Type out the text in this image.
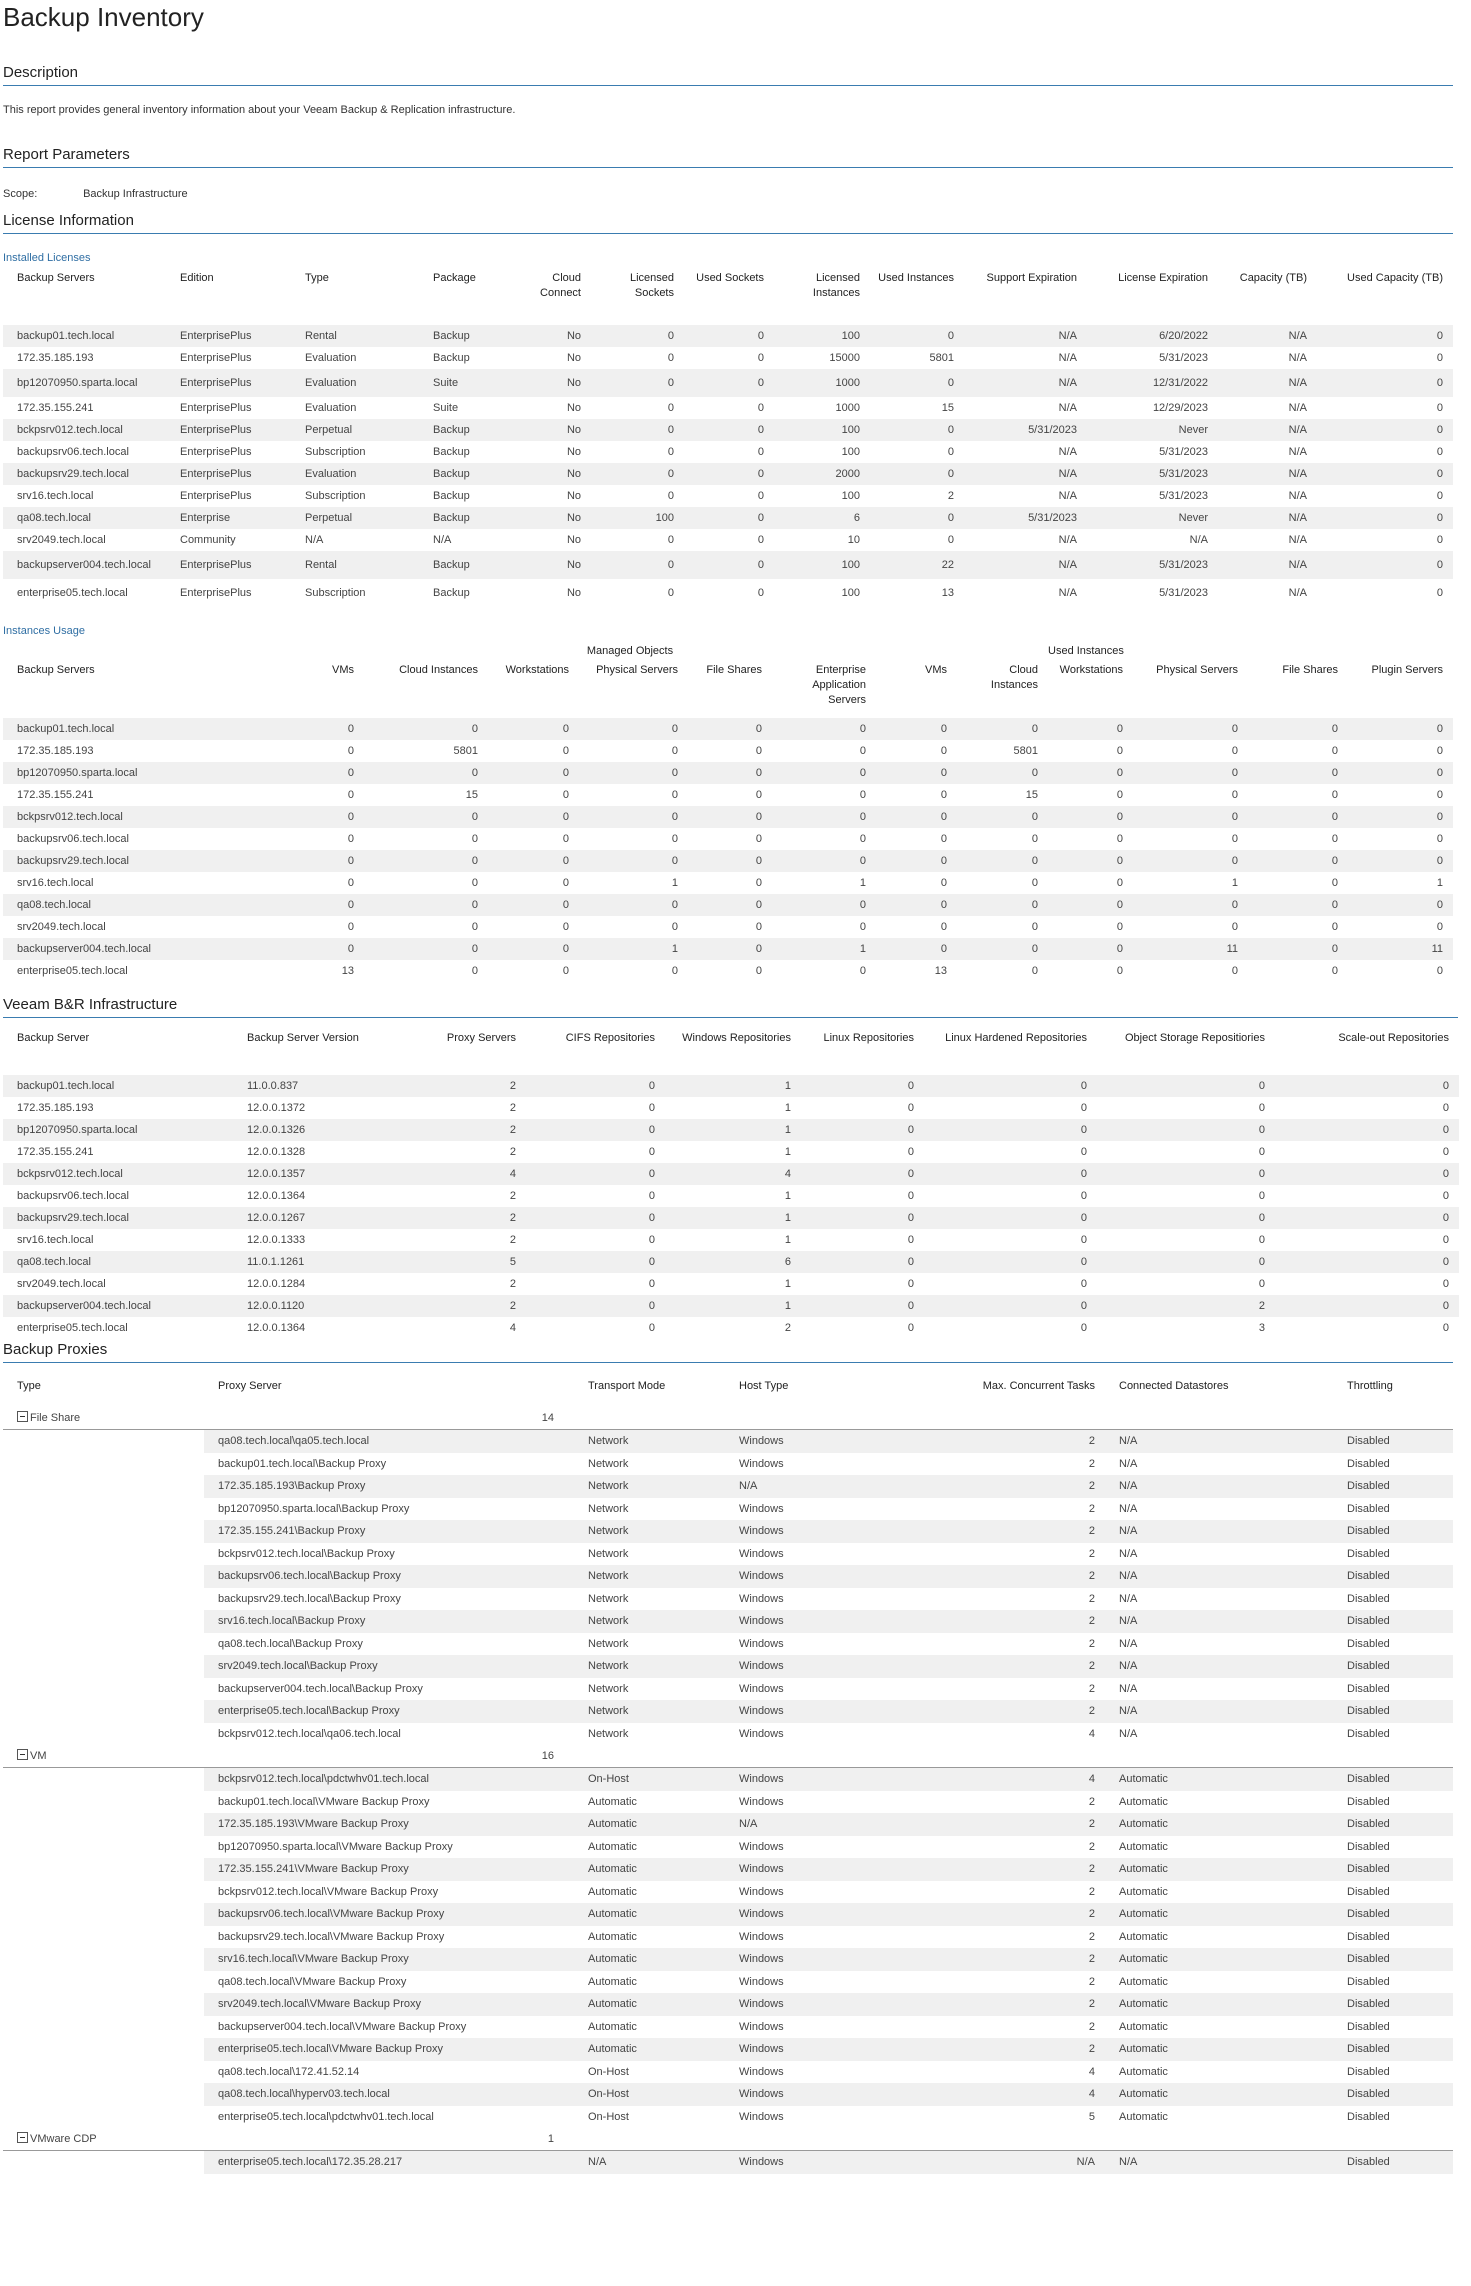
Backup Inventory
Description
This report provides general inventory information about your Veeam Backup & Replication infrastructure.
Report Parameters
Scope:	Backup Infrastructure
License Information
Installed Licenses
Backup Servers	Edition	Type	Package	Cloud Connect	Licensed Sockets	Used Sockets	Licensed Instances	Used Instances	Support Expiration	License Expiration	Capacity (TB)	Used Capacity (TB)

backup01.tech.local	EnterprisePlus	Rental	Backup	No	0	0	100	0	N/A	6/20/2022	N/A	0
172.35.185.193	EnterprisePlus	Evaluation	Backup	No	0	0	15000	5801	N/A	5/31/2023	N/A	0
bp12070950.sparta.local	EnterprisePlus	Evaluation	Suite	No	0	0	1000	0	N/A	12/31/2022	N/A	0
172.35.155.241	EnterprisePlus	Evaluation	Suite	No	0	0	1000	15	N/A	12/29/2023	N/A	0
bckpsrv012.tech.local	EnterprisePlus	Perpetual	Backup	No	0	0	100	0	5/31/2023	Never	N/A	0
backupsrv06.tech.local	EnterprisePlus	Subscription	Backup	No	0	0	100	0	N/A	5/31/2023	N/A	0
backupsrv29.tech.local	EnterprisePlus	Evaluation	Backup	No	0	0	2000	0	N/A	5/31/2023	N/A	0
srv16.tech.local	EnterprisePlus	Subscription	Backup	No	0	0	100	2	N/A	5/31/2023	N/A	0
qa08.tech.local	Enterprise	Perpetual	Backup	No	100	0	6	0	5/31/2023	Never	N/A	0
srv2049.tech.local	Community	N/A	N/A	No	0	0	10	0	N/A	N/A	N/A	0
backupserver004.tech.local	EnterprisePlus	Rental	Backup	No	0	0	100	22	N/A	5/31/2023	N/A	0
enterprise05.tech.local	EnterprisePlus	Subscription	Backup	No	0	0	100	13	N/A	5/31/2023	N/A	0
Instances Usage
			Managed Objects						Used Instances			
Backup Servers	VMs	Cloud Instances	Workstations	Physical Servers	File Shares	Enterprise Application Servers	VMs	Cloud Instances	Workstations	Physical Servers	File Shares	Plugin Servers

backup01.tech.local	0	0	0	0	0	0	0	0	0	0	0	0
172.35.185.193	0	5801	0	0	0	0	0	5801	0	0	0	0
bp12070950.sparta.local	0	0	0	0	0	0	0	0	0	0	0	0
172.35.155.241	0	15	0	0	0	0	0	15	0	0	0	0
bckpsrv012.tech.local	0	0	0	0	0	0	0	0	0	0	0	0
backupsrv06.tech.local	0	0	0	0	0	0	0	0	0	0	0	0
backupsrv29.tech.local	0	0	0	0	0	0	0	0	0	0	0	0
srv16.tech.local	0	0	0	1	0	1	0	0	0	1	0	1
qa08.tech.local	0	0	0	0	0	0	0	0	0	0	0	0
srv2049.tech.local	0	0	0	0	0	0	0	0	0	0	0	0
backupserver004.tech.local	0	0	0	1	0	1	0	0	0	11	0	11
enterprise05.tech.local	13	0	0	0	0	0	13	0	0	0	0	0
Veeam B&R Infrastructure
Backup Server	Backup Server Version	Proxy Servers	CIFS Repositories	Windows Repositories	Linux Repositories	Linux Hardened Repositories	Object Storage Repositiories	Scale-out Repositories
backup01.tech.local	11.0.0.837	2	0	1	0	0	0	0
172.35.185.193	12.0.0.1372	2	0	1	0	0	0	0
bp12070950.sparta.local	12.0.0.1326	2	0	1	0	0	0	0
172.35.155.241	12.0.0.1328	2	0	1	0	0	0	0
bckpsrv012.tech.local	12.0.0.1357	4	0	4	0	0	0	0
backupsrv06.tech.local	12.0.0.1364	2	0	1	0	0	0	0
backupsrv29.tech.local	12.0.0.1267	2	0	1	0	0	0	0
srv16.tech.local	12.0.0.1333	2	0	1	0	0	0	0
qa08.tech.local	11.0.1.1261	5	0	6	0	0	0	0
srv2049.tech.local	12.0.0.1284	2	0	1	0	0	0	0
backupserver004.tech.local	12.0.0.1120	2	0	1	0	0	2	0
enterprise05.tech.local	12.0.0.1364	4	0	2	0	0	3	0
Backup Proxies
Type	Proxy Server	Transport Mode	Host Type	Max. Concurrent Tasks	Connected Datastores	Throttling
File Share	14					
	qa08.tech.local\qa05.tech.local	Network	Windows	2	N/A	Disabled
	backup01.tech.local\Backup Proxy	Network	Windows	2	N/A	Disabled
	172.35.185.193\Backup Proxy	Network	N/A	2	N/A	Disabled
	bp12070950.sparta.local\Backup Proxy	Network	Windows	2	N/A	Disabled
	172.35.155.241\Backup Proxy	Network	Windows	2	N/A	Disabled
	bckpsrv012.tech.local\Backup Proxy	Network	Windows	2	N/A	Disabled
	backupsrv06.tech.local\Backup Proxy	Network	Windows	2	N/A	Disabled
	backupsrv29.tech.local\Backup Proxy	Network	Windows	2	N/A	Disabled
	srv16.tech.local\Backup Proxy	Network	Windows	2	N/A	Disabled
	qa08.tech.local\Backup Proxy	Network	Windows	2	N/A	Disabled
	srv2049.tech.local\Backup Proxy	Network	Windows	2	N/A	Disabled
	backupserver004.tech.local\Backup Proxy	Network	Windows	2	N/A	Disabled
	enterprise05.tech.local\Backup Proxy	Network	Windows	2	N/A	Disabled
	bckpsrv012.tech.local\qa06.tech.local	Network	Windows	4	N/A	Disabled
VM	16					
	bckpsrv012.tech.local\pdctwhv01.tech.local	On-Host	Windows	4	Automatic	Disabled
	backup01.tech.local\VMware Backup Proxy	Automatic	Windows	2	Automatic	Disabled
	172.35.185.193\VMware Backup Proxy	Automatic	N/A	2	Automatic	Disabled
	bp12070950.sparta.local\VMware Backup Proxy	Automatic	Windows	2	Automatic	Disabled
	172.35.155.241\VMware Backup Proxy	Automatic	Windows	2	Automatic	Disabled
	bckpsrv012.tech.local\VMware Backup Proxy	Automatic	Windows	2	Automatic	Disabled
	backupsrv06.tech.local\VMware Backup Proxy	Automatic	Windows	2	Automatic	Disabled
	backupsrv29.tech.local\VMware Backup Proxy	Automatic	Windows	2	Automatic	Disabled
	srv16.tech.local\VMware Backup Proxy	Automatic	Windows	2	Automatic	Disabled
	qa08.tech.local\VMware Backup Proxy	Automatic	Windows	2	Automatic	Disabled
	srv2049.tech.local\VMware Backup Proxy	Automatic	Windows	2	Automatic	Disabled
	backupserver004.tech.local\VMware Backup Proxy	Automatic	Windows	2	Automatic	Disabled
	enterprise05.tech.local\VMware Backup Proxy	Automatic	Windows	2	Automatic	Disabled
	qa08.tech.local\172.41.52.14	On-Host	Windows	4	Automatic	Disabled
	qa08.tech.local\hyperv03.tech.local	On-Host	Windows	4	Automatic	Disabled
	enterprise05.tech.local\pdctwhv01.tech.local	On-Host	Windows	5	Automatic	Disabled
VMware CDP	1					
	enterprise05.tech.local\172.35.28.217	N/A	Windows	N/A	N/A	Disabled
